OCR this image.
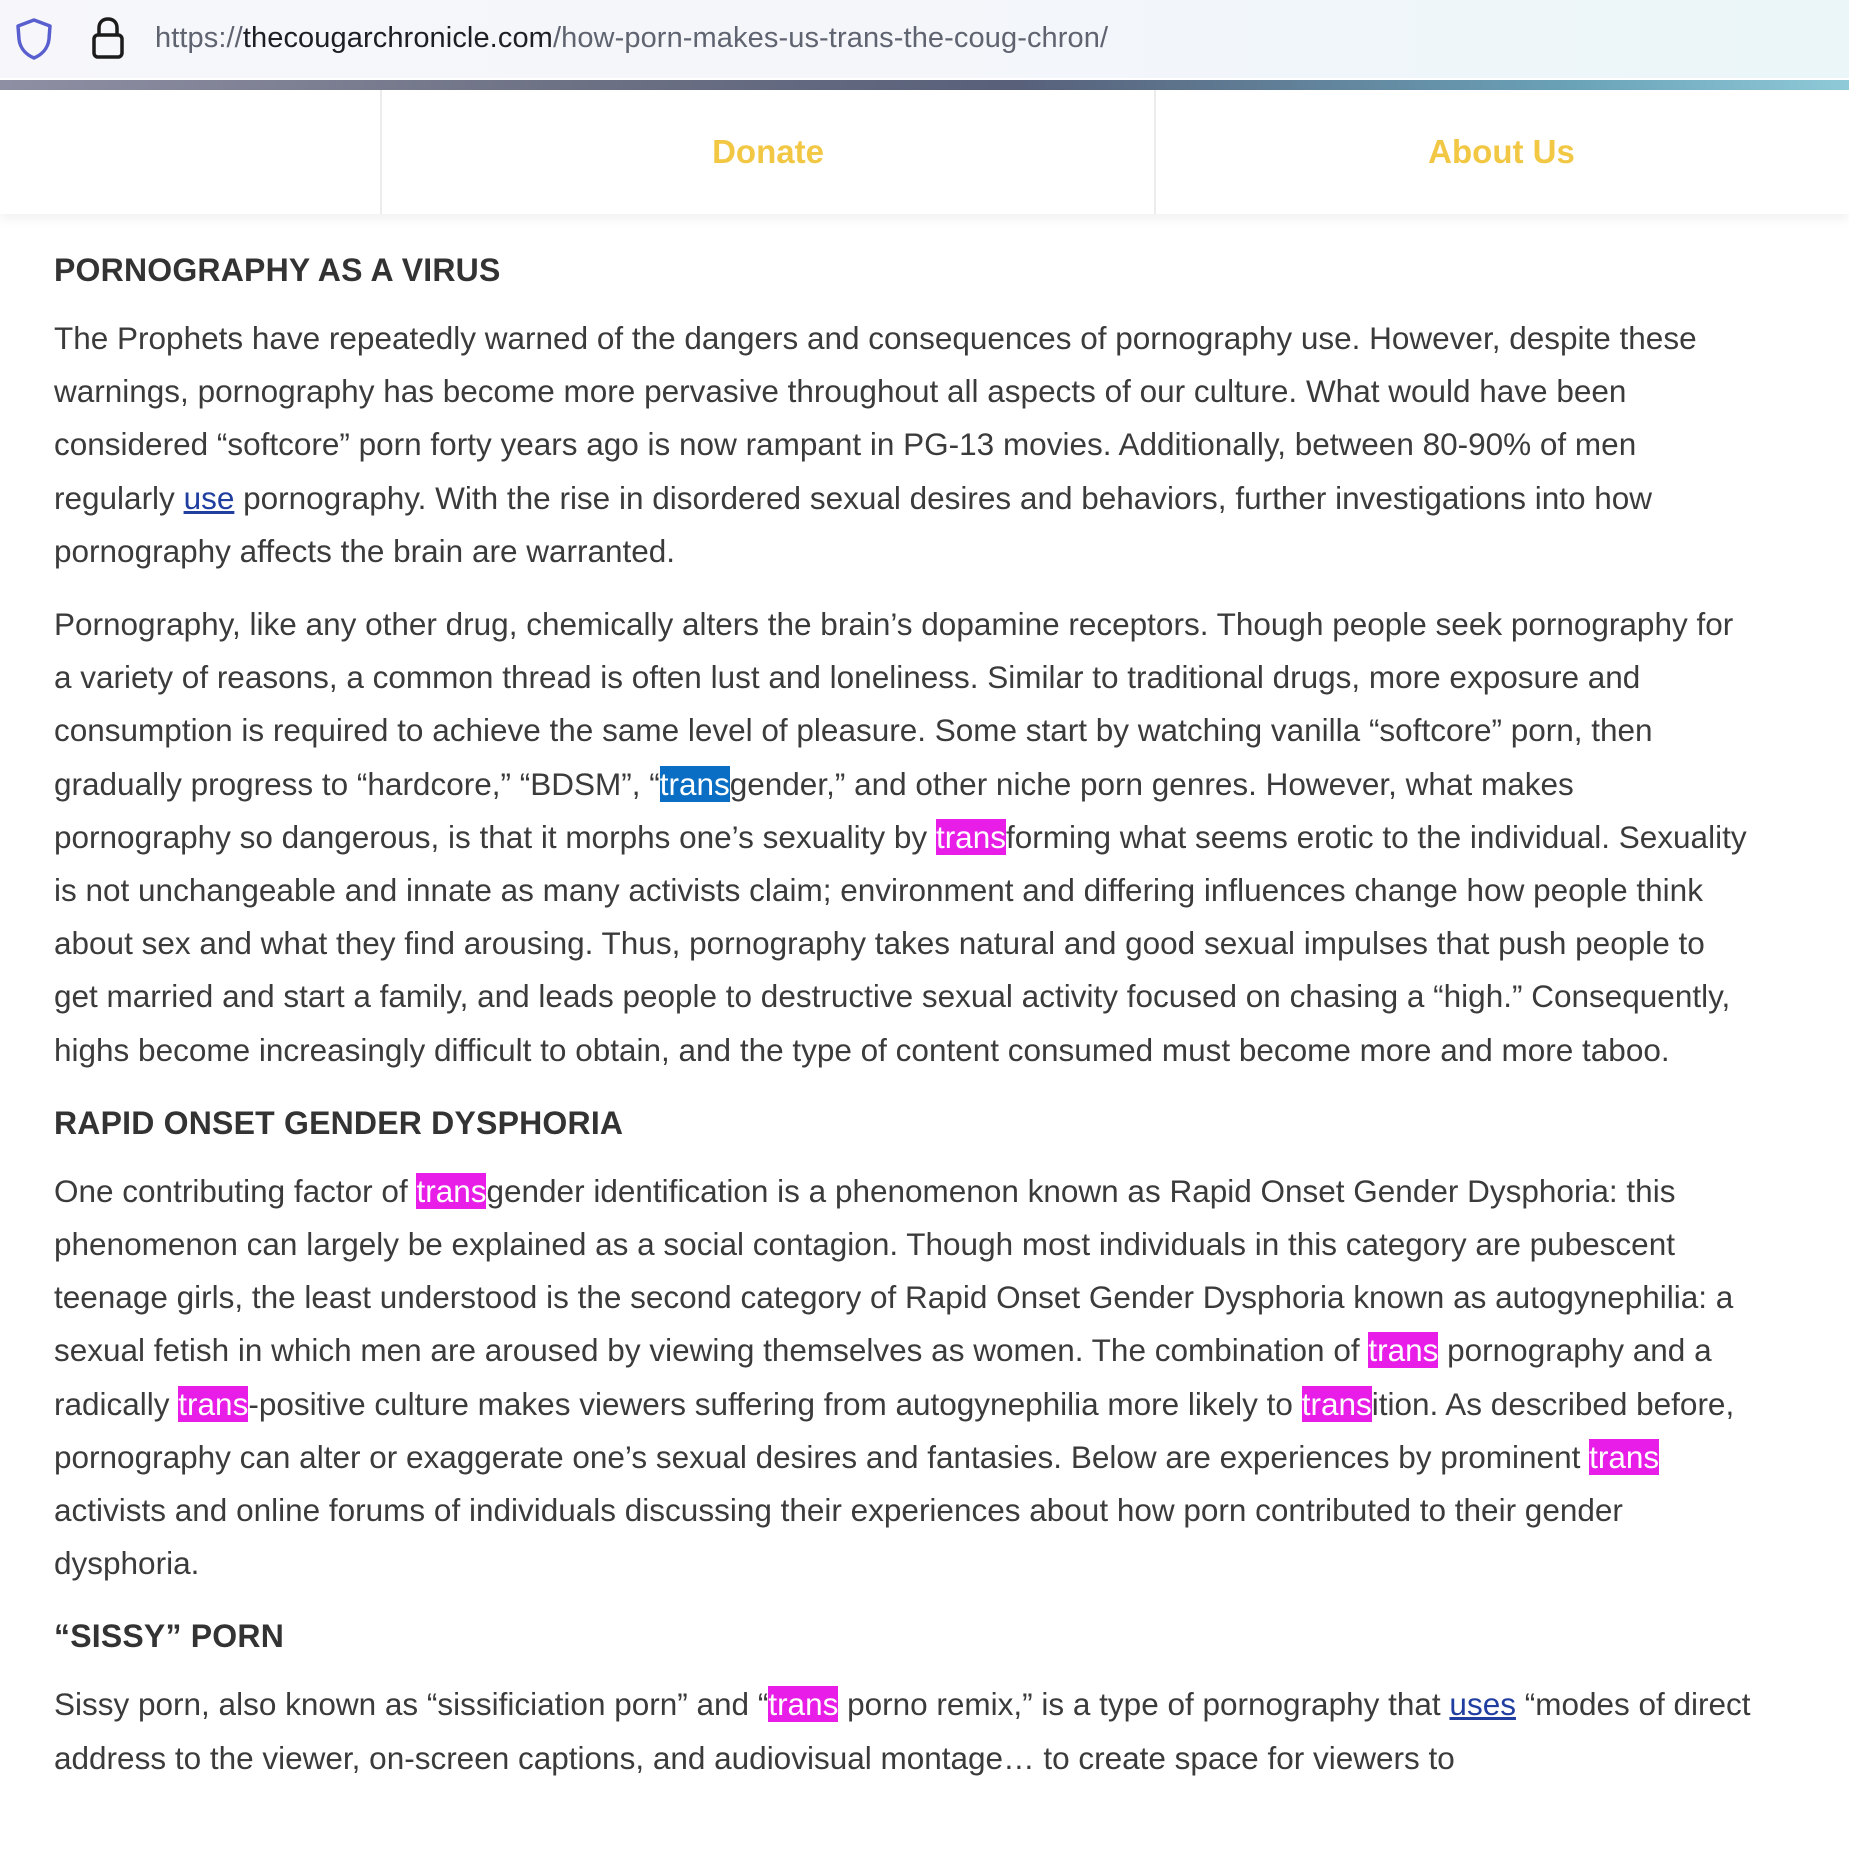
https://thecougarchronicle.com/how-porn-makes-us-trans-the-coug-chron/
Donate	About Us
PORNOGRAPHY AS A VIRUS

The Prophets have repeatedly warned of the dangers and consequences of pornography use. However, despite these warnings, pornography has become more pervasive throughout all aspects of our culture. What would have been considered “softcore” porn forty years ago is now rampant in PG-13 movies. Additionally, between 80-90% of men regularly use pornography. With the rise in disordered sexual desires and behaviors, further investigations into how pornography affects the brain are warranted.

Pornography, like any other drug, chemically alters the brain’s dopamine receptors. Though people seek pornography for a variety of reasons, a common thread is often lust and loneliness. Similar to traditional drugs, more exposure and consumption is required to achieve the same level of pleasure. Some start by watching vanilla “softcore” porn, then gradually progress to “hardcore,” “BDSM”, “transgender,” and other niche porn genres. However, what makes pornography so dangerous, is that it morphs one’s sexuality by transforming what seems erotic to the individual. Sexuality is not unchangeable and innate as many activists claim; environment and differing influences change how people think about sex and what they find arousing. Thus, pornography takes natural and good sexual impulses that push people to get married and start a family, and leads people to destructive sexual activity focused on chasing a “high.” Consequently, highs become increasingly difficult to obtain, and the type of content consumed must become more and more taboo.

RAPID ONSET GENDER DYSPHORIA

One contributing factor of transgender identification is a phenomenon known as Rapid Onset Gender Dysphoria: this phenomenon can largely be explained as a social contagion. Though most individuals in this category are pubescent teenage girls, the least understood is the second category of Rapid Onset Gender Dysphoria known as autogynephilia: a sexual fetish in which men are aroused by viewing themselves as women. The combination of trans pornography and a radically trans-positive culture makes viewers suffering from autogynephilia more likely to transition. As described before, pornography can alter or exaggerate one’s sexual desires and fantasies. Below are experiences by prominent trans activists and online forums of individuals discussing their experiences about how porn contributed to their gender dysphoria.

“SISSY” PORN

Sissy porn, also known as “sissificiation porn” and “trans porno remix,” is a type of pornography that uses “modes of direct address to the viewer, on-screen captions, and audiovisual montage… to create space for viewers to
